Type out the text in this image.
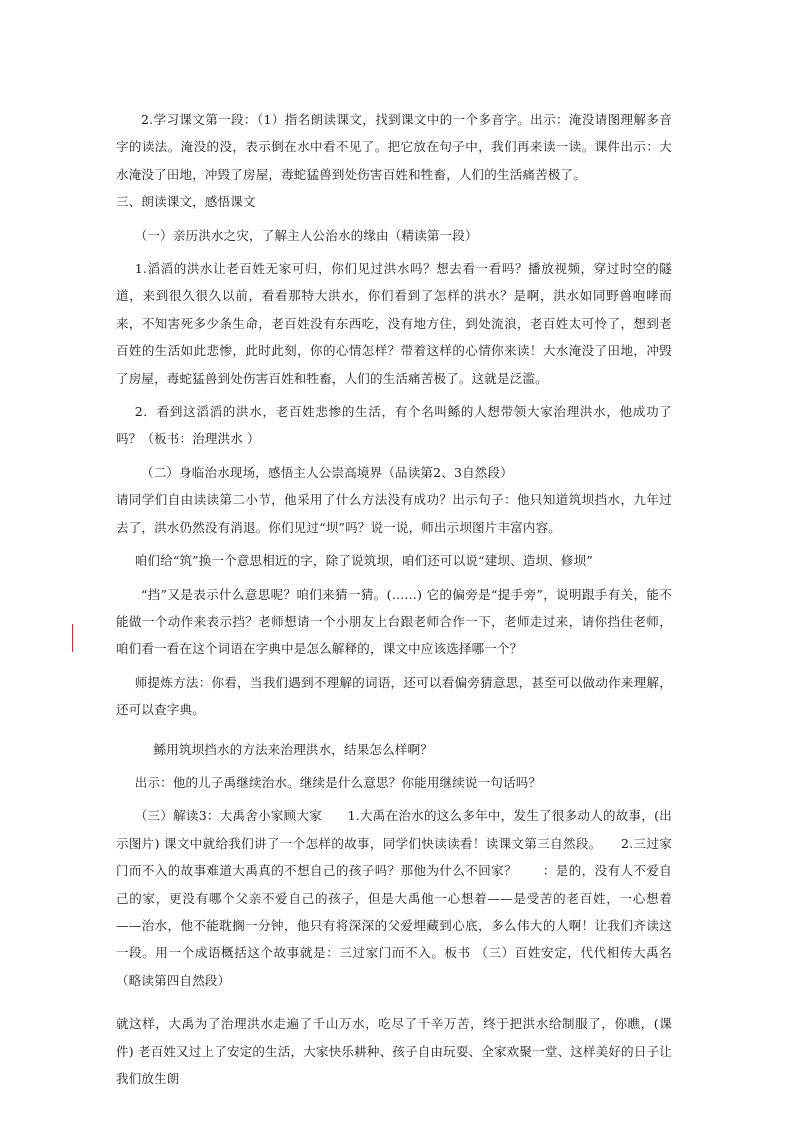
2.学习课文第一段：（1）指名朗读课文，找到课文中的一个多音字。出示：淹没请图理解多音字的读法。淹没的没，表示倒在水中看不见了。把它放在句子中，我们再来读一读。课件出示：大水淹没了田地，冲毁了房屋，毒蛇猛兽到处伤害百姓和牲畜，人们的生活痛苦极了。

三、朗读课文，感悟课文

（一）亲历洪水之灾，了解主人公治水的缘由（精读第一段）

1.滔滔的洪水让老百姓无家可归，你们见过洪水吗？想去看一看吗？播放视频，穿过时空的隧道，来到很久很久以前，看看那特大洪水，你们看到了怎样的洪水？是啊，洪水如同野兽咆哮而来，不知害死多少条生命，老百姓没有东西吃，没有地方住，到处流浪，老百姓太可怜了，想到老百姓的生活如此悲惨，此时此刻，你的心情怎样？带着这样的心情你来读！大水淹没了田地，冲毁了房屋，毒蛇猛兽到处伤害百姓和牲畜，人们的生活痛苦极了。这就是泛滥。

2．看到这滔滔的洪水，老百姓悲惨的生活，有个名叫鲧的人想带领大家治理洪水，他成功了吗？（板书：治理洪水 ）

（二）身临治水现场，感悟主人公崇高境界（品读第2、3自然段）

请同学们自由读读第二小节，他采用了什么方法没有成功？出示句子：他只知道筑坝挡水，九年过去了，洪水仍然没有消退。你们见过“坝”吗？说一说，师出示坝图片丰富内容。

咱们给“筑”换一个意思相近的字，除了说筑坝，咱们还可以说“建坝、造坝、修坝”

“挡”又是表示什么意思呢？咱们来猜一猜。(……) 它的偏旁是“提手旁”，说明跟手有关，能不能做一个动作来表示挡？老师想请一个小朋友上台跟老师合作一下，老师走过来，请你挡住老师，咱们看一看在这个词语在字典中是怎么解释的，课文中应该选择哪一个？

师提炼方法：你看，当我们遇到不理解的词语，还可以看偏旁猜意思，甚至可以做动作来理解，还可以查字典。

鲧用筑坝挡水的方法来治理洪水，结果怎么样啊？

出示：他的儿子禹继续治水。继续是什么意思？你能用继续说一句话吗？

（三）解读3：大禹舍小家顾大家　　1.大禹在治水的这么多年中，发生了很多动人的故事，(出示图片) 课文中就给我们讲了一个怎样的故事，同学们快读读看！读课文第三自然段。　　2.三过家门而不入的故事难道大禹真的不想自己的孩子吗？那他为什么不回家？　　：是的，没有人不爱自己的家，更没有哪个父亲不爱自己的孩子，但是大禹他一心想着——是受苦的老百姓，一心想着——治水，他不能耽搁一分钟，他只有将深深的父爱埋藏到心底，多么伟大的人啊！让我们齐读这一段。用一个成语概括这个故事就是：三过家门而不入。板书 （三）百姓安定，代代相传大禹名（略读第四自然段）

就这样，大禹为了治理洪水走遍了千山万水，吃尽了千辛万苦，终于把洪水给制服了，你瞧，(课件) 老百姓又过上了安定的生活，大家快乐耕种、孩子自由玩耍、全家欢聚一堂、这样美好的日子让我们放生朗
